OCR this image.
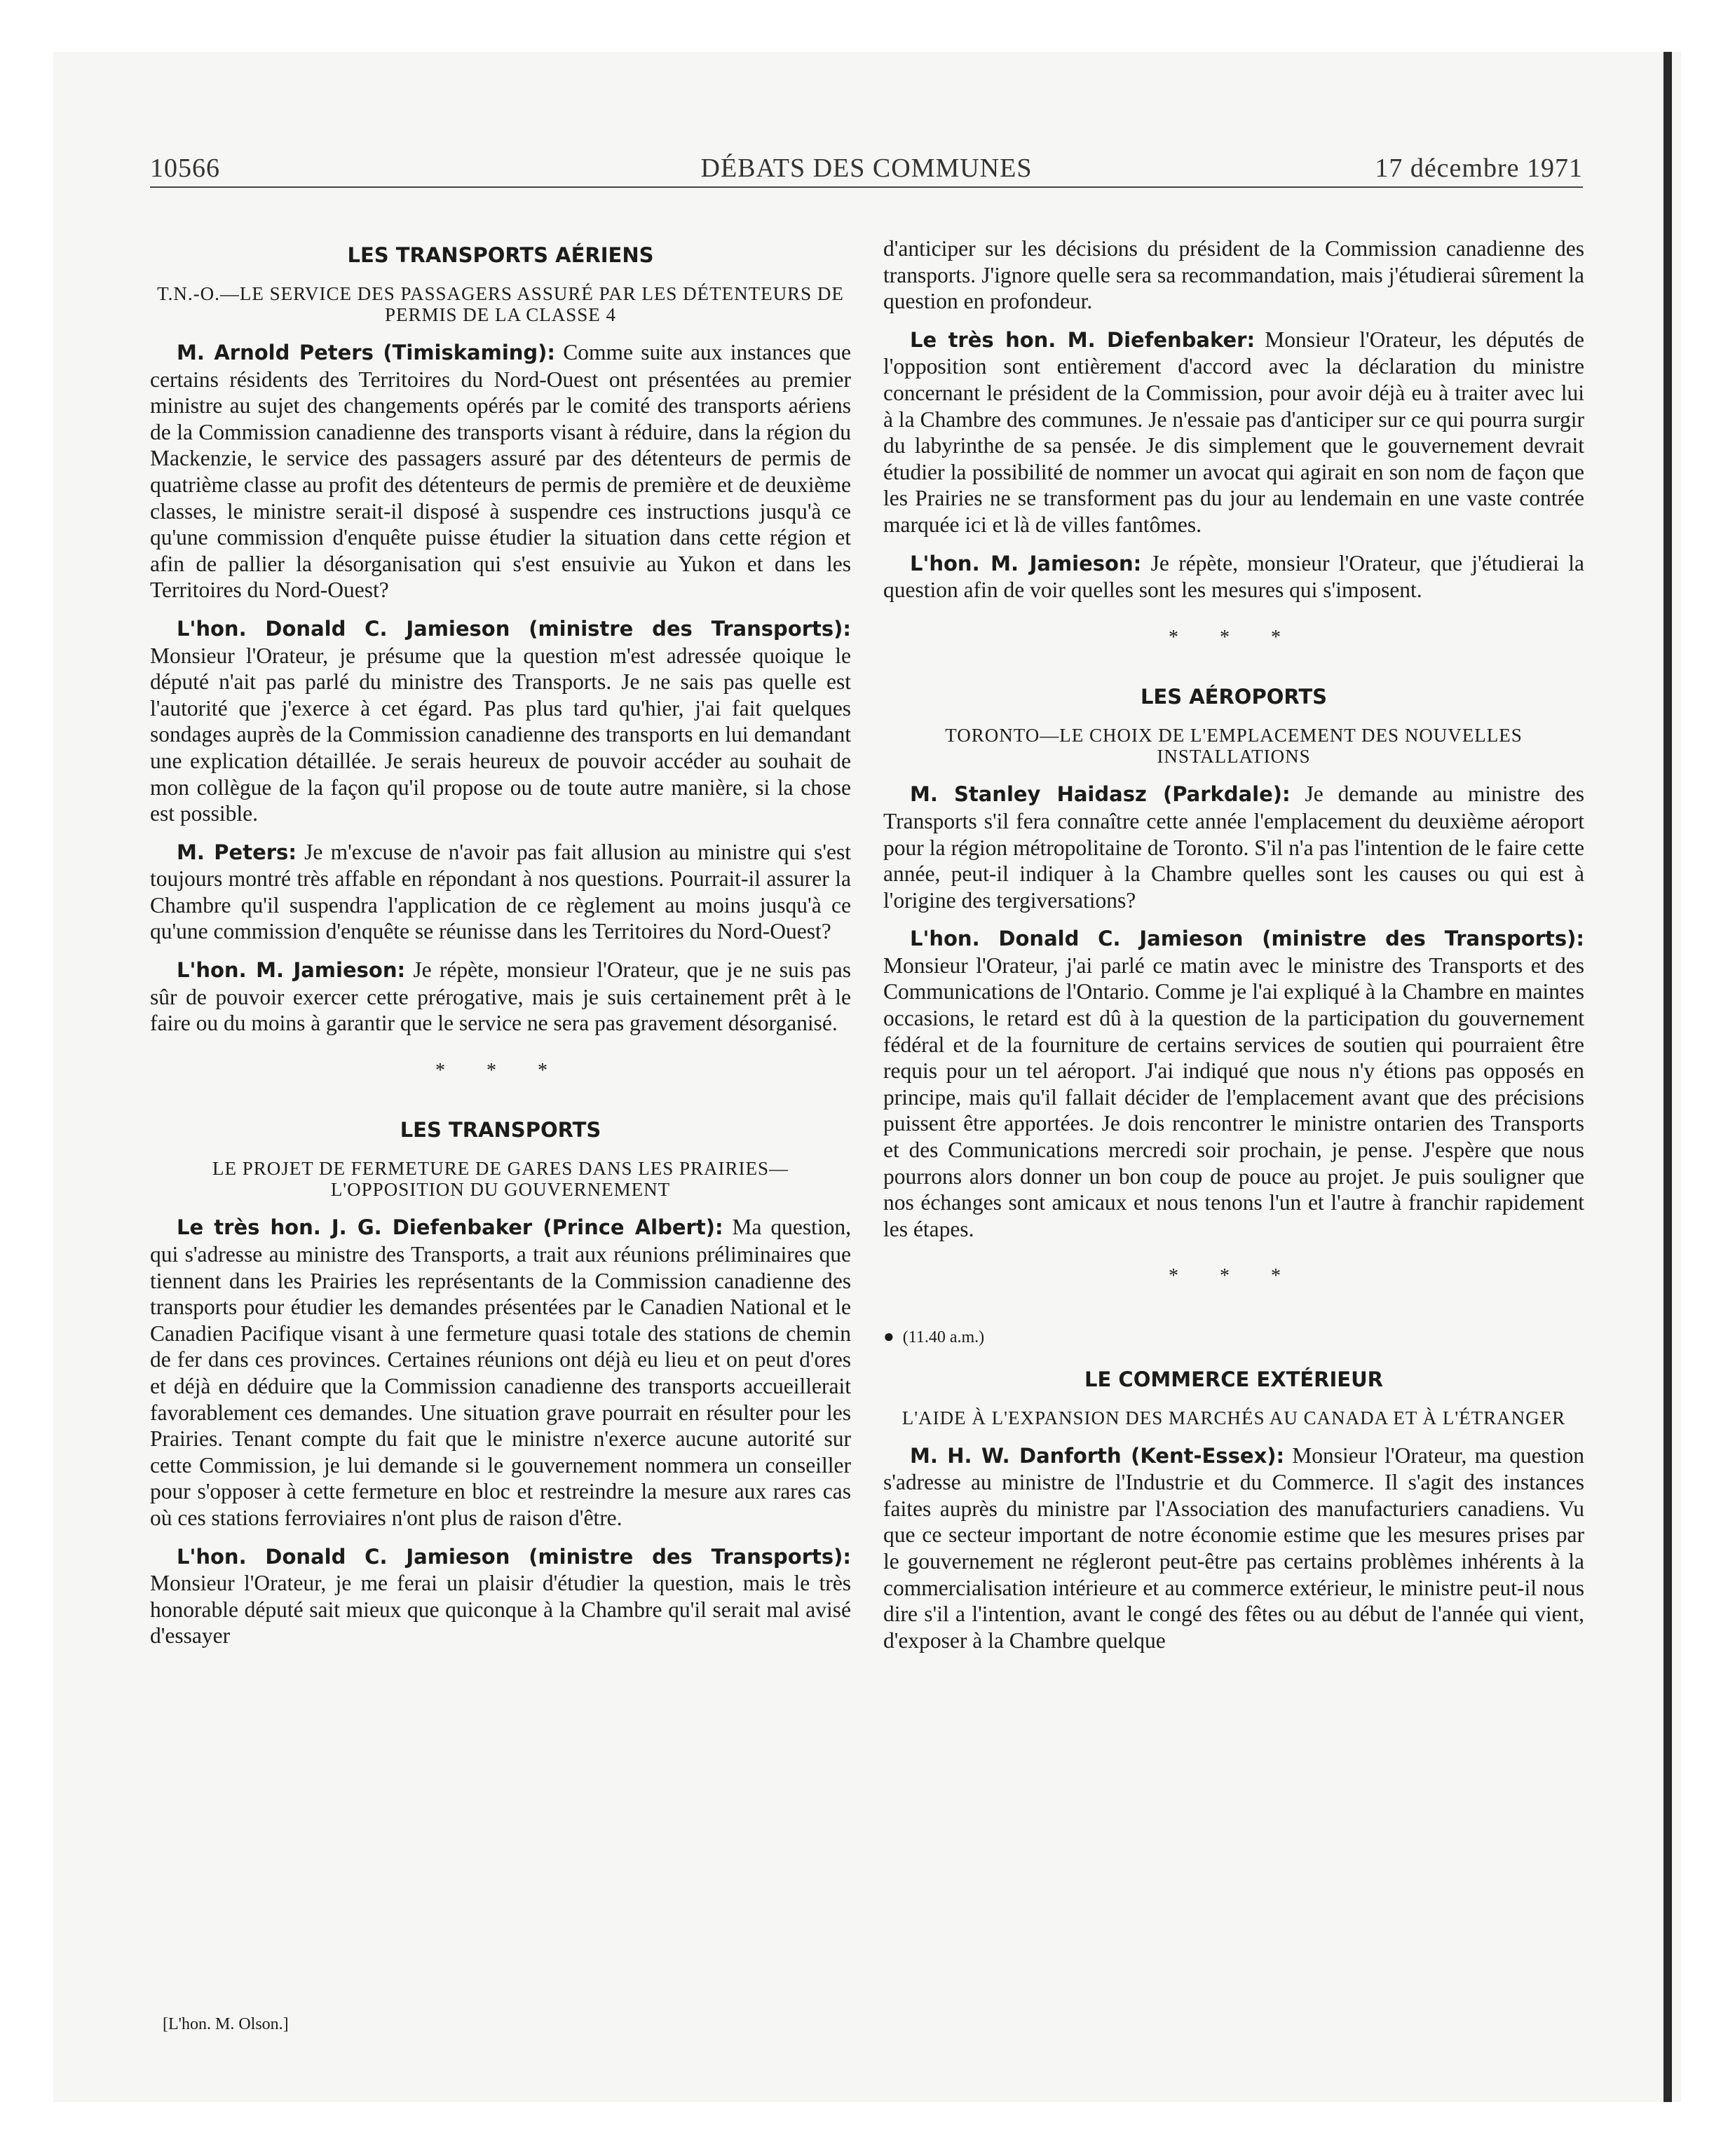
10566	DÉBATS DES COMMUNES	17 décembre 1971
LES TRANSPORTS AÉRIENS
T.N.-O.—LE SERVICE DES PASSAGERS ASSURÉ PAR LES DÉTENTEURS DE PERMIS DE LA CLASSE 4

M. Arnold Peters (Timiskaming): Comme suite aux instances que certains résidents des Territoires du Nord-Ouest ont présentées au premier ministre au sujet des changements opérés par le comité des transports aériens de la Commission canadienne des transports visant à réduire, dans la région du Mackenzie, le service des passagers assuré par des détenteurs de permis de quatrième classe au profit des détenteurs de permis de première et de deuxième classes, le ministre serait-il disposé à suspendre ces instructions jusqu'à ce qu'une commission d'enquête puisse étudier la situation dans cette région et afin de pallier la désorganisation qui s'est ensuivie au Yukon et dans les Territoires du Nord-Ouest?

L'hon. Donald C. Jamieson (ministre des Transports): Monsieur l'Orateur, je présume que la question m'est adressée quoique le député n'ait pas parlé du ministre des Transports. Je ne sais pas quelle est l'autorité que j'exerce à cet égard. Pas plus tard qu'hier, j'ai fait quelques sondages auprès de la Commission canadienne des transports en lui demandant une explication détaillée. Je serais heureux de pouvoir accéder au souhait de mon collègue de la façon qu'il propose ou de toute autre manière, si la chose est possible.

M. Peters: Je m'excuse de n'avoir pas fait allusion au ministre qui s'est toujours montré très affable en répondant à nos questions. Pourrait-il assurer la Chambre qu'il suspendra l'application de ce règlement au moins jusqu'à ce qu'une commission d'enquête se réunisse dans les Territoires du Nord-Ouest?

L'hon. M. Jamieson: Je répète, monsieur l'Orateur, que je ne suis pas sûr de pouvoir exercer cette prérogative, mais je suis certainement prêt à le faire ou du moins à garantir que le service ne sera pas gravement désorganisé.

* * *
LES TRANSPORTS
LE PROJET DE FERMETURE DE GARES DANS LES PRAIRIES—L'OPPOSITION DU GOUVERNEMENT

Le très hon. J. G. Diefenbaker (Prince Albert): Ma question, qui s'adresse au ministre des Transports, a trait aux réunions préliminaires que tiennent dans les Prairies les représentants de la Commission canadienne des transports pour étudier les demandes présentées par le Canadien National et le Canadien Pacifique visant à une fermeture quasi totale des stations de chemin de fer dans ces provinces. Certaines réunions ont déjà eu lieu et on peut d'ores et déjà en déduire que la Commission canadienne des transports accueillerait favorablement ces demandes. Une situation grave pourrait en résulter pour les Prairies. Tenant compte du fait que le ministre n'exerce aucune autorité sur cette Commission, je lui demande si le gouvernement nommera un conseiller pour s'opposer à cette fermeture en bloc et restreindre la mesure aux rares cas où ces stations ferroviaires n'ont plus de raison d'être.

L'hon. Donald C. Jamieson (ministre des Transports): Monsieur l'Orateur, je me ferai un plaisir d'étudier la question, mais le très honorable député sait mieux que quiconque à la Chambre qu'il serait mal avisé d'essayer

[L'hon. M. Olson.]

d'anticiper sur les décisions du président de la Commission canadienne des transports. J'ignore quelle sera sa recommandation, mais j'étudierai sûrement la question en profondeur.

Le très hon. M. Diefenbaker: Monsieur l'Orateur, les députés de l'opposition sont entièrement d'accord avec la déclaration du ministre concernant le président de la Commission, pour avoir déjà eu à traiter avec lui à la Chambre des communes. Je n'essaie pas d'anticiper sur ce qui pourra surgir du labyrinthe de sa pensée. Je dis simplement que le gouvernement devrait étudier la possibilité de nommer un avocat qui agirait en son nom de façon que les Prairies ne se transforment pas du jour au lendemain en une vaste contrée marquée ici et là de villes fantômes.

L'hon. M. Jamieson: Je répète, monsieur l'Orateur, que j'étudierai la question afin de voir quelles sont les mesures qui s'imposent.

* * *
LES AÉROPORTS
TORONTO—LE CHOIX DE L'EMPLACEMENT DES NOUVELLES INSTALLATIONS

M. Stanley Haidasz (Parkdale): Je demande au ministre des Transports s'il fera connaître cette année l'emplacement du deuxième aéroport pour la région métropolitaine de Toronto. S'il n'a pas l'intention de le faire cette année, peut-il indiquer à la Chambre quelles sont les causes ou qui est à l'origine des tergiversations?

L'hon. Donald C. Jamieson (ministre des Transports): Monsieur l'Orateur, j'ai parlé ce matin avec le ministre des Transports et des Communications de l'Ontario. Comme je l'ai expliqué à la Chambre en maintes occasions, le retard est dû à la question de la participation du gouvernement fédéral et de la fourniture de certains services de soutien qui pourraient être requis pour un tel aéroport. J'ai indiqué que nous n'y étions pas opposés en principe, mais qu'il fallait décider de l'emplacement avant que des précisions puissent être apportées. Je dois rencontrer le ministre ontarien des Transports et des Communications mercredi soir prochain, je pense. J'espère que nous pourrons alors donner un bon coup de pouce au projet. Je puis souligner que nos échanges sont amicaux et nous tenons l'un et l'autre à franchir rapidement les étapes.

* * *
● (11.40 a.m.)
LE COMMERCE EXTÉRIEUR
L'AIDE À L'EXPANSION DES MARCHÉS AU CANADA ET À L'ÉTRANGER

M. H. W. Danforth (Kent-Essex): Monsieur l'Orateur, ma question s'adresse au ministre de l'Industrie et du Commerce. Il s'agit des instances faites auprès du ministre par l'Association des manufacturiers canadiens. Vu que ce secteur important de notre économie estime que les mesures prises par le gouvernement ne régleront peut-être pas certains problèmes inhérents à la commercialisation intérieure et au commerce extérieur, le ministre peut-il nous dire s'il a l'intention, avant le congé des fêtes ou au début de l'année qui vient, d'exposer à la Chambre quelque
